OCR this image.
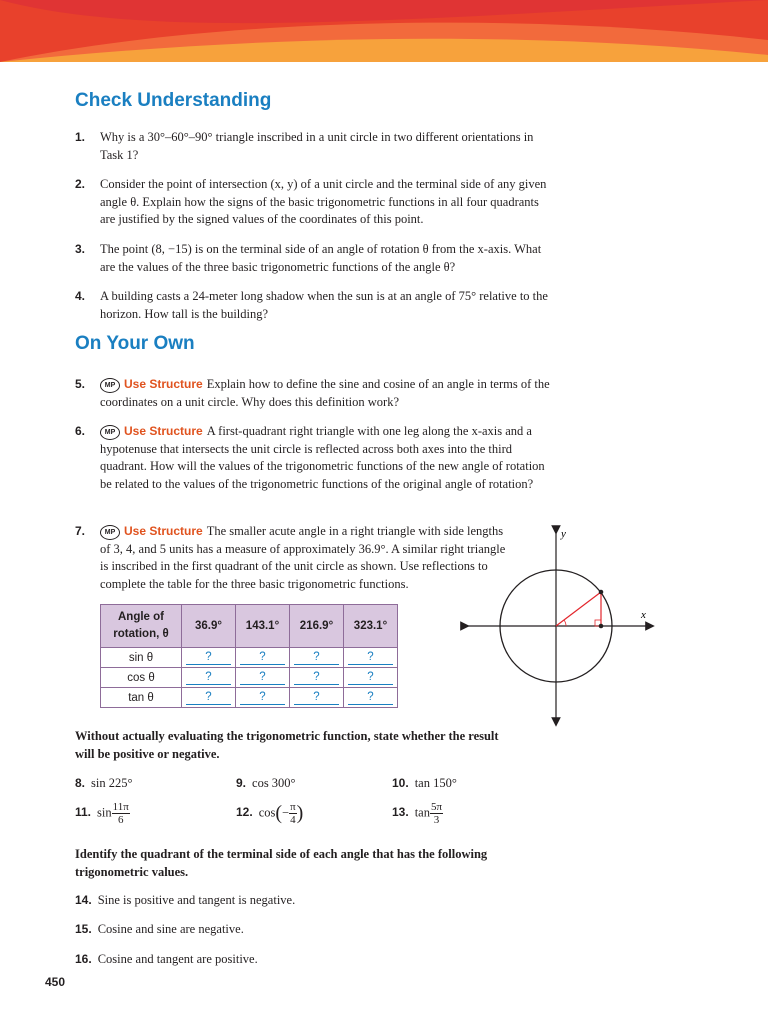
Check Understanding
1. Why is a 30°–60°–90° triangle inscribed in a unit circle in two different orientations in Task 1?
2. Consider the point of intersection (x, y) of a unit circle and the terminal side of any given angle θ. Explain how the signs of the basic trigonometric functions in all four quadrants are justified by the signed values of the coordinates of this point.
3. The point (8, −15) is on the terminal side of an angle of rotation θ from the x-axis. What are the values of the three basic trigonometric functions of the angle θ?
4. A building casts a 24-meter long shadow when the sun is at an angle of 75° relative to the horizon. How tall is the building?
On Your Own
5.	MP Use Structure Explain how to define the sine and cosine of an angle in terms of the coordinates on a unit circle. Why does this definition work?
6.	MP Use Structure A first-quadrant right triangle with one leg along the x-axis and a hypotenuse that intersects the unit circle is reflected across both axes into the third quadrant. How will the values of the trigonometric functions of the new angle of rotation be related to the values of the trigonometric functions of the original angle of rotation?
7.	MP Use Structure The smaller acute angle in a right triangle with side lengths of 3, 4, and 5 units has a measure of approximately 36.9°. A similar right triangle is inscribed in the first quadrant of the unit circle as shown. Use reflections to complete the table for the three basic trigonometric functions.
Angle of
rotation, θ	36.9°	143.1°	216.9°	323.1°
sin θ	?	?	?	?
cos θ	?	?	?	?
tan θ	?	?	?	?
x
y
Without actually evaluating the trigonometric function, state whether the result will be positive or negative.
8. sin 225°	9. cos 300°	10. tan 150°
11. $\sin \frac{11\pi}{6}$	12. $\cos(- \frac{\pi}{4}$ )	13. $\tan \frac{5\pi}{3}$
Identify the quadrant of the terminal side of each angle that has the following trigonometric values.
14. Sine is positive and tangent is negative.
15. Cosine and sine are negative.
16. Cosine and tangent are positive.
450
